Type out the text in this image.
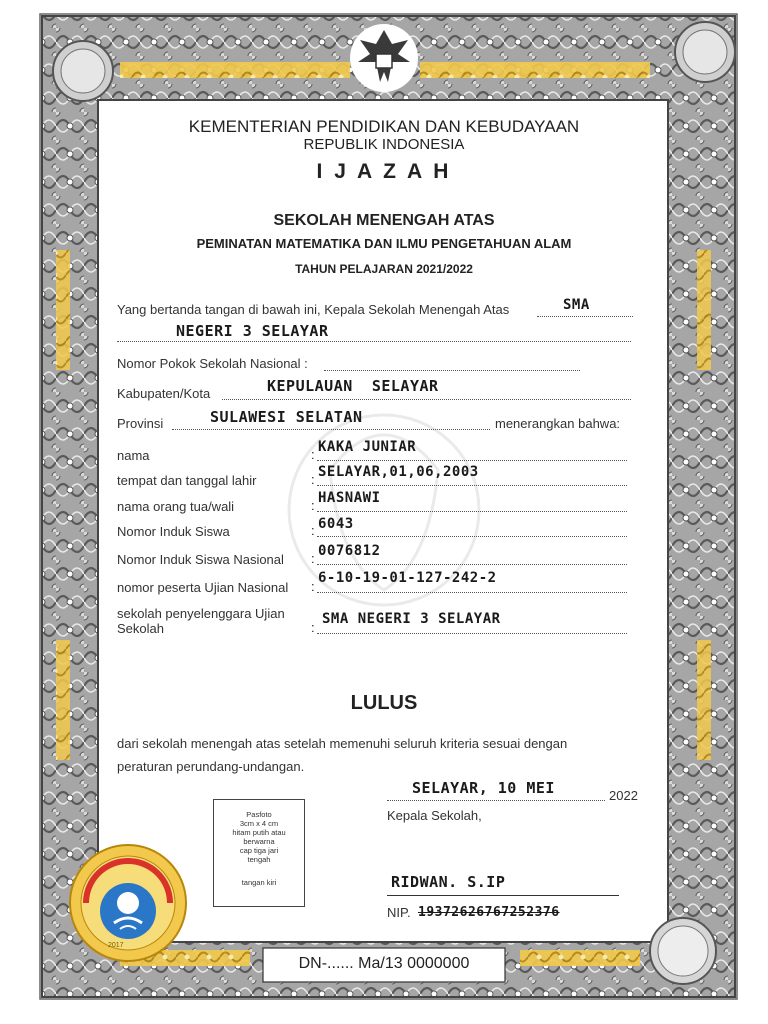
KEMENTERIAN PENDIDIKAN DAN KEBUDAYAAN
REPUBLIK INDONESIA
I J A Z A H
SEKOLAH MENENGAH ATAS
PEMINATAN MATEMATIKA DAN ILMU PENGETAHUAN ALAM
TAHUN PELAJARAN 2021/2022
Yang bertanda tangan di bawah ini, Kepala Sekolah Menengah Atas	SMA
NEGERI 3 SELAYAR
Nomor Pokok Sekolah Nasional :
Kabupaten/Kota	KEPULAUAN  SELAYAR
Provinsi	SULAWESI SELATAN	menerangkan bahwa:
nama	: KAKA JUNIAR
tempat dan tanggal lahir	: SELAYAR,01,06,2003
nama orang tua/wali	: HASNAWI
Nomor Induk Siswa	: 6043
Nomor Induk Siswa Nasional : 0076812
nomor peserta Ujian Nasional :
6-10-19-01-127-242-2
sekolah penyelenggara Ujian Sekolah	:
SMA NEGERI 3 SELAYAR
LULUS
dari sekolah menengah atas setelah memenuhi seluruh kriteria sesuai dengan
peraturan perundang-undangan.
SELAYAR, 10 MEI	2022
Kepala Sekolah,
RIDWAN. S.IP
NIP. 19372626767252376
Pasfoto
3cm x 4 cm
hitam putih atau
berwarna
cap tiga jari
tengah
tangan kiri
2017
DN-...... Ma/13 0000000
